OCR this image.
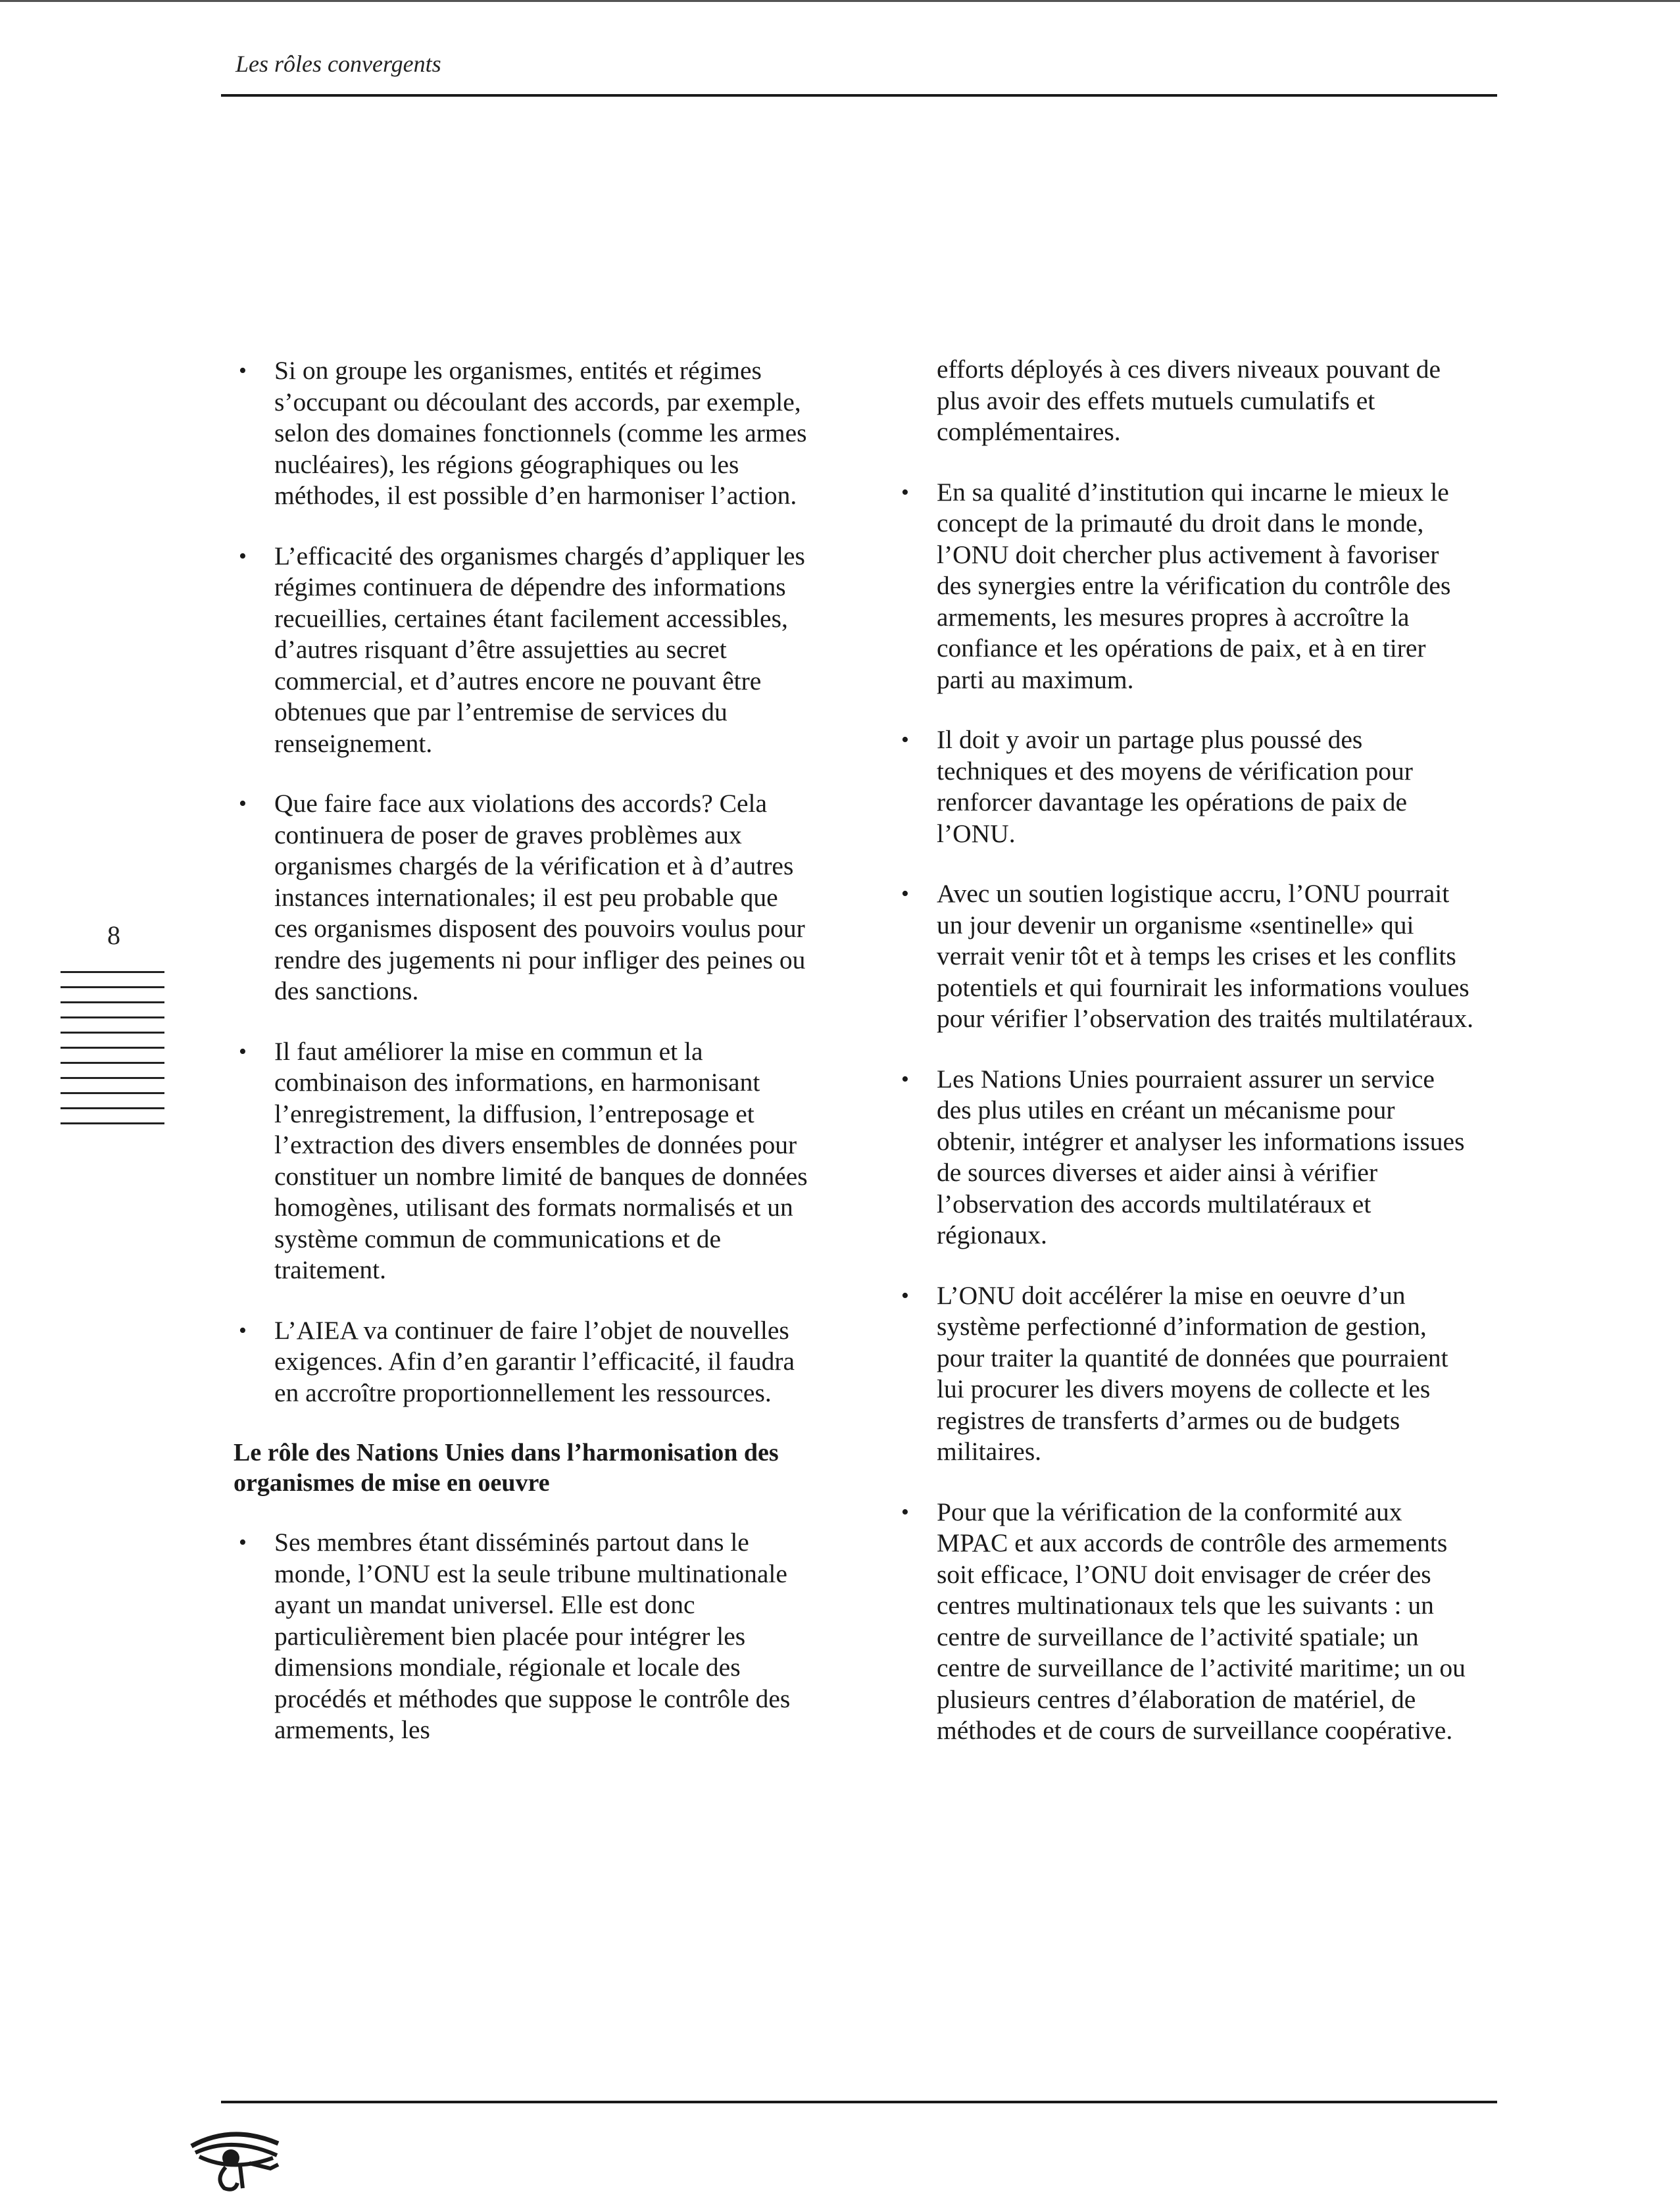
Les rôles convergents
8
• Si on groupe les organismes, entités et régimes s’occupant ou découlant des accords, par exemple, selon des domaines fonctionnels (comme les armes nucléaires), les régions géographiques ou les méthodes, il est possible d’en harmoniser l’action.
• L’efficacité des organismes chargés d’appliquer les régimes continuera de dépendre des informations recueillies, certaines étant facilement accessibles, d’autres risquant d’être assujetties au secret commercial, et d’autres encore ne pouvant être obtenues que par l’entremise de services du renseignement.
• Que faire face aux violations des accords? Cela continuera de poser de graves problèmes aux organismes chargés de la vérification et à d’autres instances internationales; il est peu probable que ces organismes disposent des pouvoirs voulus pour rendre des jugements ni pour infliger des peines ou des sanctions.
• Il faut améliorer la mise en commun et la combinaison des informations, en harmonisant l’enregistrement, la diffusion, l’entreposage et l’extraction des divers ensembles de données pour constituer un nombre limité de banques de données homogènes, utilisant des formats normalisés et un système commun de communications et de traitement.
• L’AIEA va continuer de faire l’objet de nouvelles exigences. Afin d’en garantir l’efficacité, il faudra en accroître proportionnellement les ressources.
Le rôle des Nations Unies dans l’harmonisation des organismes de mise en oeuvre
• Ses membres étant disséminés partout dans le monde, l’ONU est la seule tribune multinationale ayant un mandat universel. Elle est donc particulièrement bien placée pour intégrer les dimensions mondiale, régionale et locale des procédés et méthodes que suppose le contrôle des armements, les
efforts déployés à ces divers niveaux pouvant de plus avoir des effets mutuels cumulatifs et complémentaires.
• En sa qualité d’institution qui incarne le mieux le concept de la primauté du droit dans le monde, l’ONU doit chercher plus activement à favoriser des synergies entre la vérification du contrôle des armements, les mesures propres à accroître la confiance et les opérations de paix, et à en tirer parti au maximum.
• Il doit y avoir un partage plus poussé des techniques et des moyens de vérification pour renforcer davantage les opérations de paix de l’ONU.
• Avec un soutien logistique accru, l’ONU pourrait un jour devenir un organisme «sentinelle» qui verrait venir tôt et à temps les crises et les conflits potentiels et qui fournirait les informations voulues pour vérifier l’observation des traités multilatéraux.
• Les Nations Unies pourraient assurer un service des plus utiles en créant un mécanisme pour obtenir, intégrer et analyser les informations issues de sources diverses et aider ainsi à vérifier l’observation des accords multilatéraux et régionaux.
• L’ONU doit accélérer la mise en oeuvre d’un système perfectionné d’information de gestion, pour traiter la quantité de données que pourraient lui procurer les divers moyens de collecte et les registres de transferts d’armes ou de budgets militaires.
• Pour que la vérification de la conformité aux MPAC et aux accords de contrôle des armements soit efficace, l’ONU doit envisager de créer des centres multinationaux tels que les suivants : un centre de surveillance de l’activité spatiale; un centre de surveillance de l’activité maritime; un ou plusieurs centres d’élaboration de matériel, de méthodes et de cours de surveillance coopérative.
